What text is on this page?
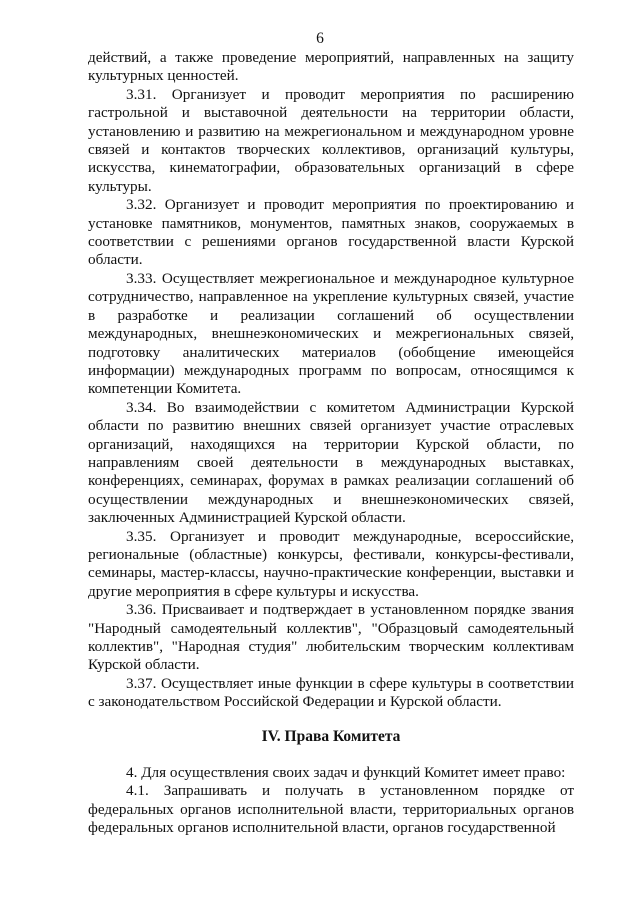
6

действий, а также проведение мероприятий, направленных на защиту культурных ценностей.

3.31. Организует и проводит мероприятия по расширению гастрольной и выставочной деятельности на территории области, установлению и развитию на межрегиональном и международном уровне связей и контактов творческих коллективов, организаций культуры, искусства, кинематографии, образовательных организаций в сфере культуры.

3.32. Организует и проводит мероприятия по проектированию и установке памятников, монументов, памятных знаков, сооружаемых в соответствии с решениями органов государственной власти Курской области.

3.33. Осуществляет межрегиональное и международное культурное сотрудничество, направленное на укрепление культурных связей, участие в разработке и реализации соглашений об осуществлении международных, внешнеэкономических и межрегиональных связей, подготовку аналитических материалов (обобщение имеющейся информации) международных программ по вопросам, относящимся к компетенции Комитета.

3.34. Во взаимодействии с комитетом Администрации Курской области по развитию внешних связей организует участие отраслевых организаций, находящихся на территории Курской области, по направлениям своей деятельности в международных выставках, конференциях, семинарах, форумах в рамках реализации соглашений об осуществлении международных и внешнеэкономических связей, заключенных Администрацией Курской области.

3.35. Организует и проводит международные, всероссийские, региональные (областные) конкурсы, фестивали, конкурсы-фестивали, семинары, мастер-классы, научно-практические конференции, выставки и другие мероприятия в сфере культуры и искусства.

3.36. Присваивает и подтверждает в установленном порядке звания "Народный самодеятельный коллектив", "Образцовый самодеятельный коллектив", "Народная студия" любительским творческим коллективам Курской области.

3.37. Осуществляет иные функции в сфере культуры в соответствии с законодательством Российской Федерации и Курской области.

IV. Права Комитета

4. Для осуществления своих задач и функций Комитет имеет право:

4.1. Запрашивать и получать в установленном порядке от федеральных органов исполнительной власти, территориальных органов федеральных органов исполнительной власти, органов государственной
